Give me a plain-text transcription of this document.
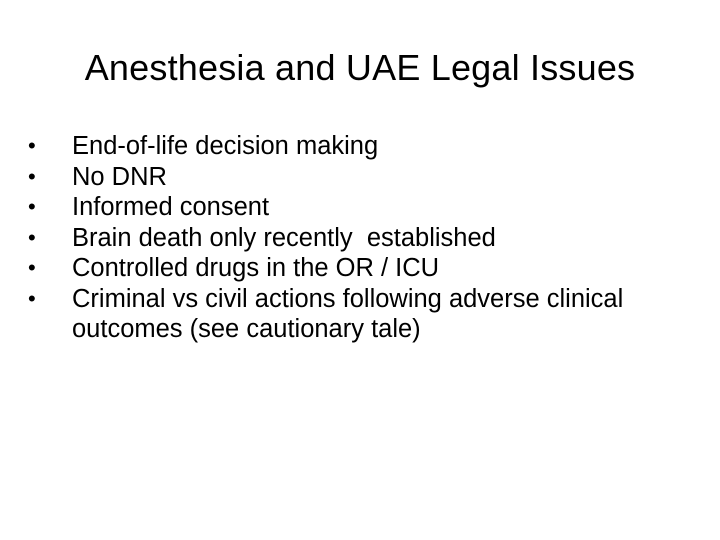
Anesthesia and UAE Legal Issues
•	End-of-life decision making
•	No DNR
•	Informed consent
•	Brain death only recently  established
•	Controlled drugs in the OR / ICU
•	Criminal vs civil actions following adverse clinical outcomes (see cautionary tale)
